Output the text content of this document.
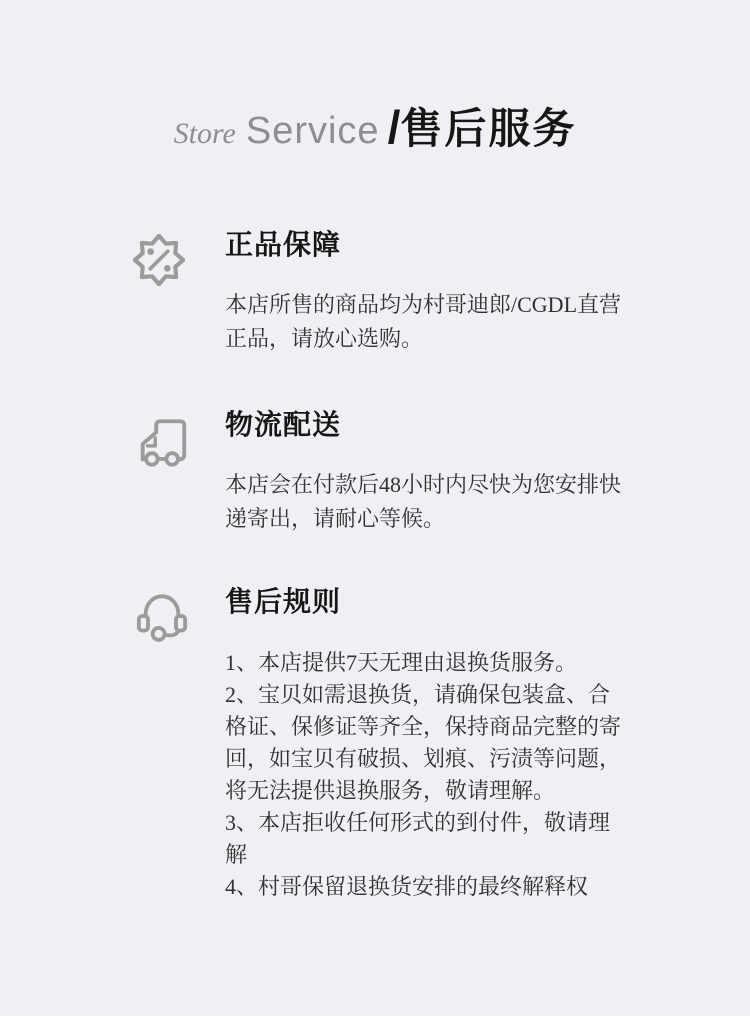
Store Service / 售后服务
正品保障

本店所售的商品均为村哥迪郎/CGDL直营正品，请放心选购。

物流配送

本店会在付款后48小时内尽快为您安排快递寄出，请耐心等候。

售后规则
1、本店提供7天无理由退换货服务。
2、宝贝如需退换货，请确保包装盒、合格证、保修证等齐全，保持商品完整的寄回，如宝贝有破损、划痕、污渍等问题，将无法提供退换服务，敬请理解。
3、本店拒收任何形式的到付件，敬请理解
4、村哥保留退换货安排的最终解释权
